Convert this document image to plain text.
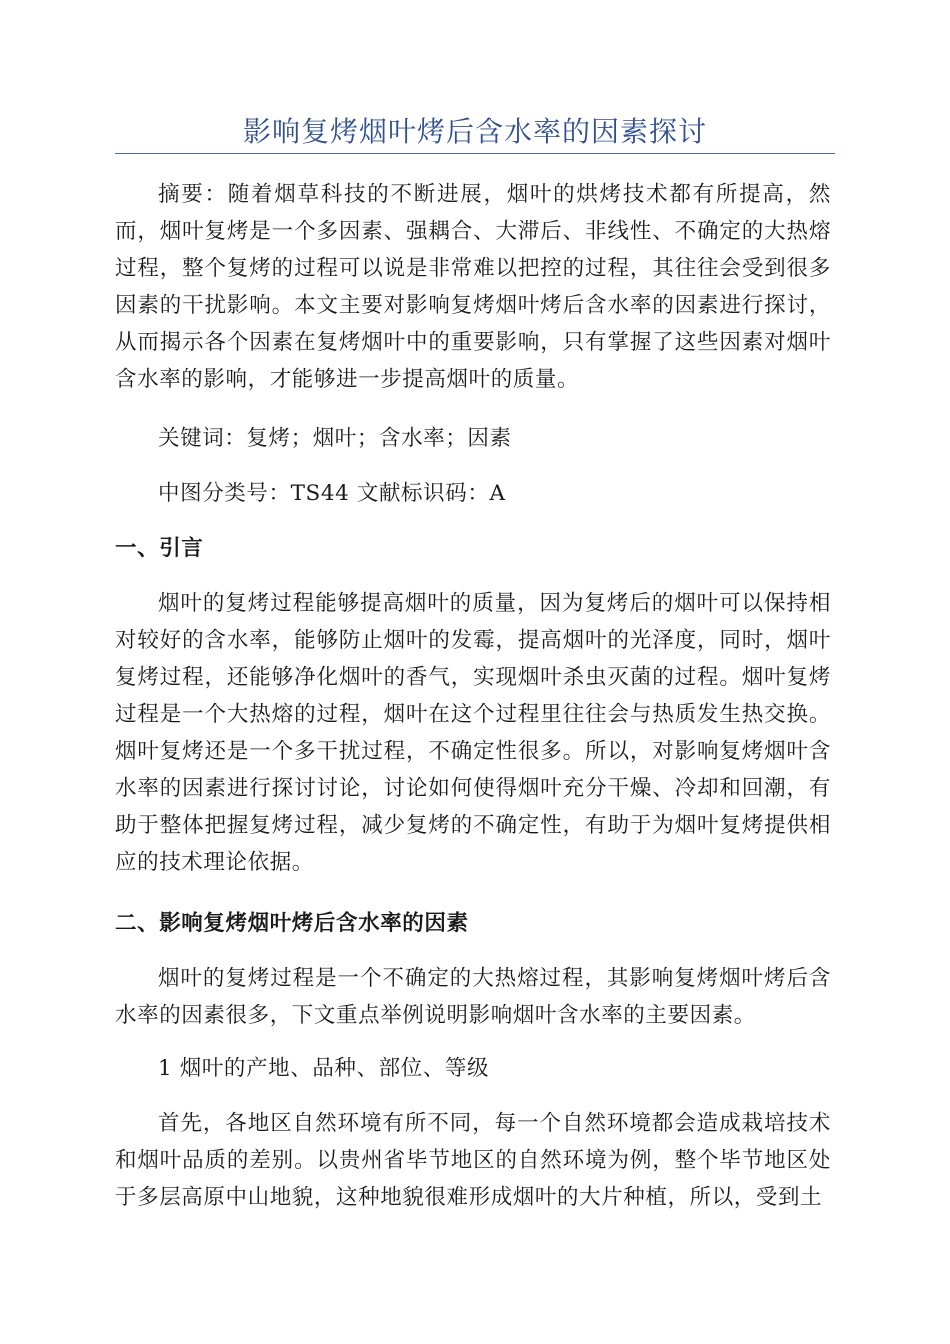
影响复烤烟叶烤后含水率的因素探讨

摘要：随着烟草科技的不断进展，烟叶的烘烤技术都有所提高，然而，烟叶复烤是一个多因素、强耦合、大滞后、非线性、不确定的大热熔过程，整个复烤的过程可以说是非常难以把控的过程，其往往会受到很多因素的干扰影响。本文主要对影响复烤烟叶烤后含水率的因素进行探讨，从而揭示各个因素在复烤烟叶中的重要影响，只有掌握了这些因素对烟叶含水率的影响，才能够进一步提高烟叶的质量。

关键词：复烤；烟叶；含水率；因素

中图分类号：TS44 文献标识码：A

一、引言

烟叶的复烤过程能够提高烟叶的质量，因为复烤后的烟叶可以保持相对较好的含水率，能够防止烟叶的发霉，提高烟叶的光泽度，同时，烟叶复烤过程，还能够净化烟叶的香气，实现烟叶杀虫灭菌的过程。烟叶复烤过程是一个大热熔的过程，烟叶在这个过程里往往会与热质发生热交换。烟叶复烤还是一个多干扰过程，不确定性很多。所以，对影响复烤烟叶含水率的因素进行探讨讨论，讨论如何使得烟叶充分干燥、冷却和回潮，有助于整体把握复烤过程，减少复烤的不确定性，有助于为烟叶复烤提供相应的技术理论依据。

二、影响复烤烟叶烤后含水率的因素

烟叶的复烤过程是一个不确定的大热熔过程，其影响复烤烟叶烤后含水率的因素很多，下文重点举例说明影响烟叶含水率的主要因素。

1 烟叶的产地、品种、部位、等级

首先，各地区自然环境有所不同，每一个自然环境都会造成栽培技术和烟叶品质的差别。以贵州省毕节地区的自然环境为例，整个毕节地区处于多层高原中山地貌，这种地貌很难形成烟叶的大片种植，所以，受到土
